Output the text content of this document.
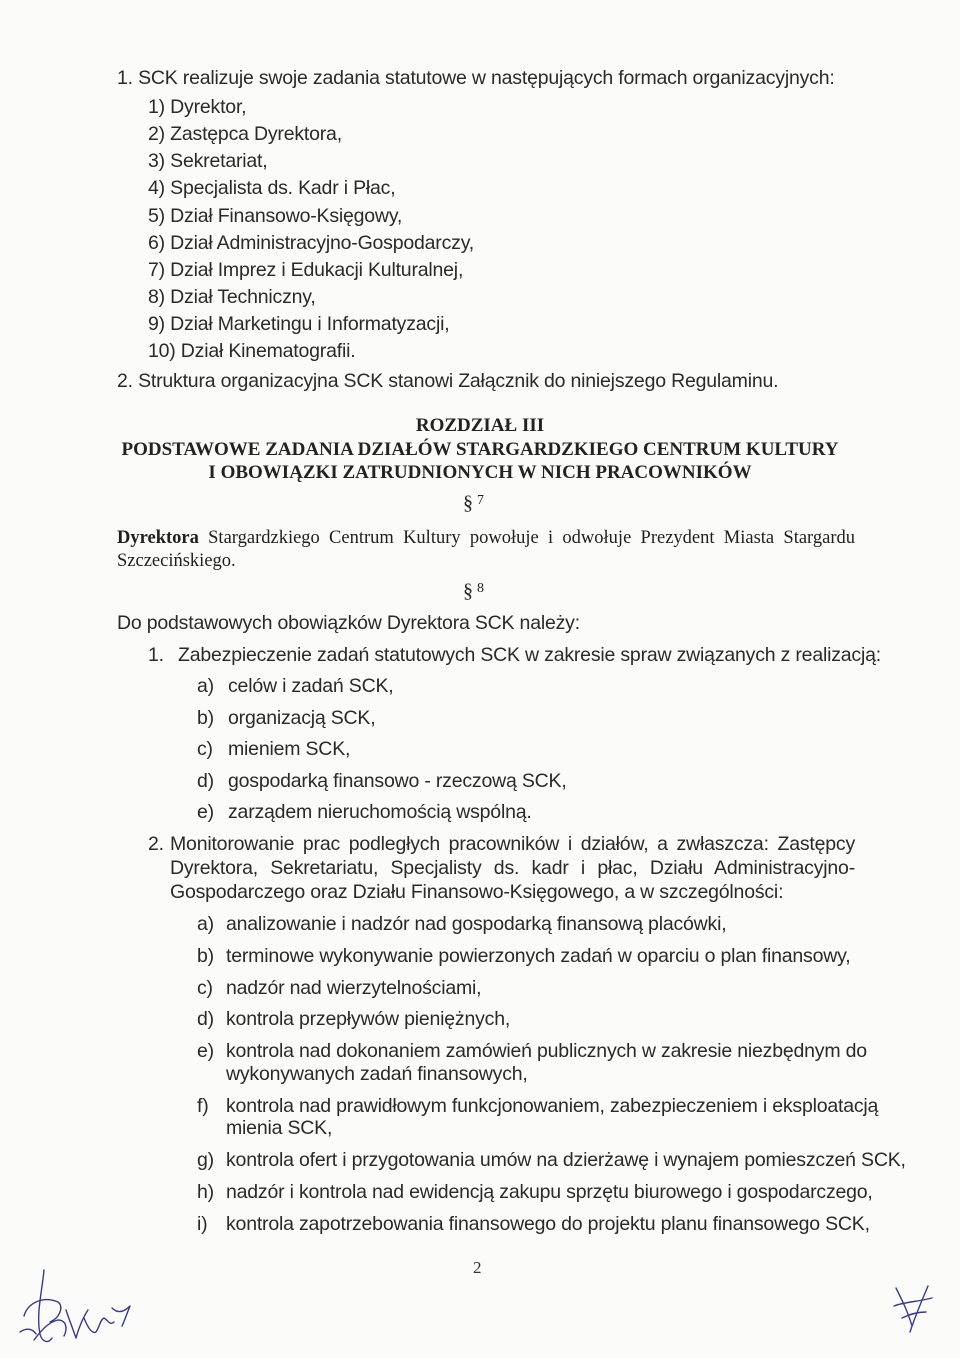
1. SCK realizuje swoje zadania statutowe w następujących formach organizacyjnych:
1) Dyrektor,
2) Zastępca Dyrektora,
3) Sekretariat,
4) Specjalista ds. Kadr i Płac,
5) Dział Finansowo-Księgowy,
6) Dział Administracyjno-Gospodarczy,
7) Dział Imprez i Edukacji Kulturalnej,
8) Dział Techniczny,
9) Dział Marketingu i Informatyzacji,
10) Dział Kinematografii.
2. Struktura organizacyjna SCK stanowi Załącznik do niniejszego Regulaminu.
ROZDZIAŁ III
PODSTAWOWE ZADANIA DZIAŁÓW STARGARDZKIEGO CENTRUM KULTURY
I OBOWIĄZKI ZATRUDNIONYCH W NICH PRACOWNIKÓW
§ $^7$
Dyrektora Stargardzkiego Centrum Kultury powołuje i odwołuje Prezydent Miasta Stargardu
Szczecińskiego.
§ $^8$
Do podstawowych obowiązków Dyrektora SCK należy:
1. Zabezpieczenie zadań statutowych SCK w zakresie spraw związanych z realizacją:
a) celów i zadań SCK,
b) organizacją SCK,
c) mieniem SCK,
d) gospodarką finansowo - rzeczową SCK,
e) zarządem nieruchomością wspólną.
2. Monitorowanie prac podległych pracowników i działów, a zwłaszcza: Zastępcy
Dyrektora, Sekretariatu, Specjalisty ds. kadr i płac, Działu Administracyjno-
Gospodarczego oraz Działu Finansowo-Księgowego, a w szczególności:
a) analizowanie i nadzór nad gospodarką finansową placówki,
b) terminowe wykonywanie powierzonych zadań w oparciu o plan finansowy,
c) nadzór nad wierzytelnościami,
d) kontrola przepływów pieniężnych,
e) kontrola nad dokonaniem zamówień publicznych w zakresie niezbędnym do
wykonywanych zadań finansowych,
f) kontrola nad prawidłowym funkcjonowaniem, zabezpieczeniem i eksploatacją
mienia SCK,
g) kontrola ofert i przygotowania umów na dzierżawę i wynajem pomieszczeń SCK,
h) nadzór i kontrola nad ewidencją zakupu sprzętu biurowego i gospodarczego,
i) kontrola zapotrzebowania finansowego do projektu planu finansowego SCK,
2
